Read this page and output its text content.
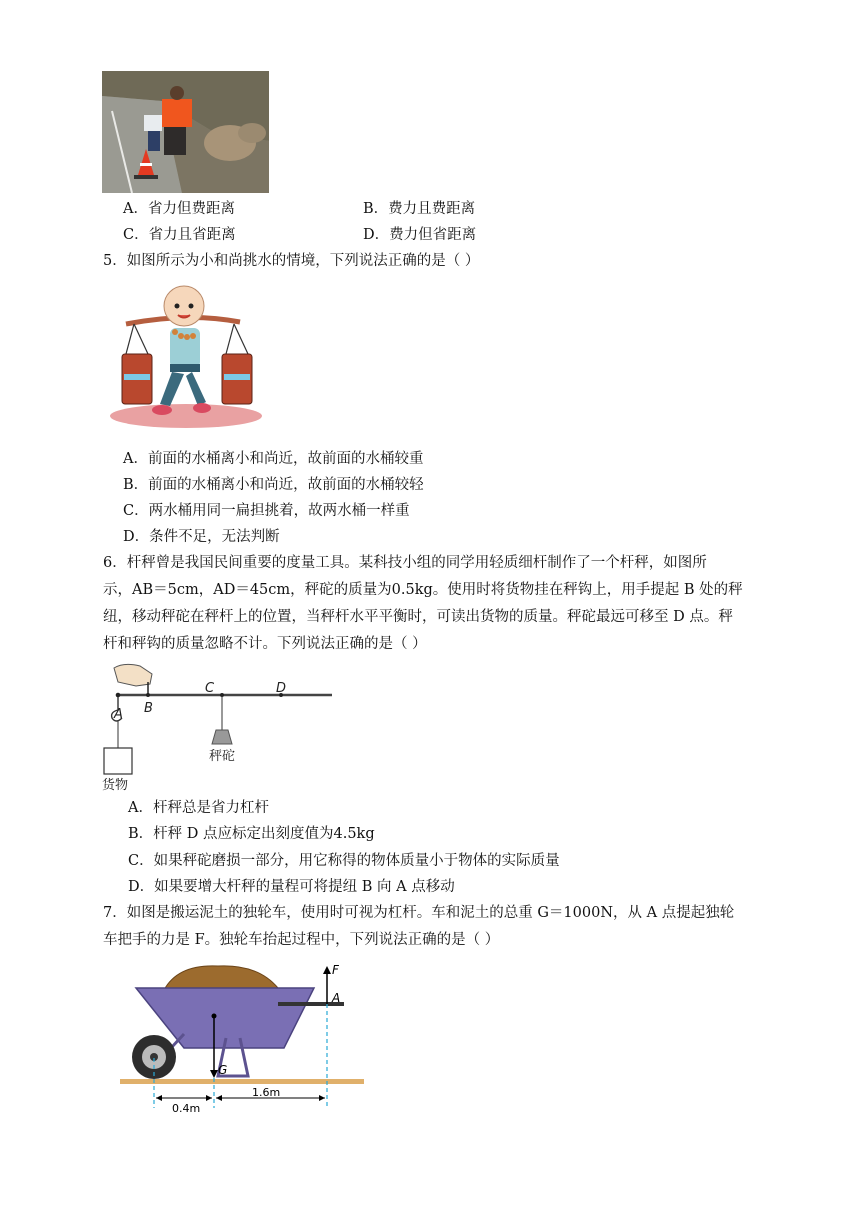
A．省力但费距离	B．费力且费距离
C．省力且省距离	D．费力但省距离
5．如图所示为小和尚挑水的情境，下列说法正确的是（ ）
A．前面的水桶离小和尚近，故前面的水桶较重
B．前面的水桶离小和尚近，故前面的水桶较轻
C．两水桶用同一扁担挑着，故两水桶一样重
D．条件不足，无法判断
6．杆秤曾是我国民间重要的度量工具。某科技小组的同学用轻质细杆制作了一个杆秤，如图所
示，AB＝5cm，AD＝45cm，秤砣的质量为0.5kg。使用时将货物挂在秤钩上，用手提起 B 处的秤
纽，移动秤砣在秤杆上的位置，当秤杆水平平衡时，可读出货物的质量。秤砣最远可移至 D 点。秤
杆和秤钩的质量忽略不计。下列说法正确的是（ ）
A B
C	D
秤砣
货物
A．杆秤总是省力杠杆
B．杆秤 D 点应标定出刻度值为4.5kg
C．如果秤砣磨损一部分，用它称得的物体质量小于物体的实际质量
D．如果要增大杆秤的量程可将提纽 B 向 A 点移动
7．如图是搬运泥土的独轮车，使用时可视为杠杆。车和泥土的总重 G＝1000N，从 A 点提起独轮
车把手的力是 F。独轮车抬起过程中，下列说法正确的是（ ）
0.4m
1.6m
F
A
G
